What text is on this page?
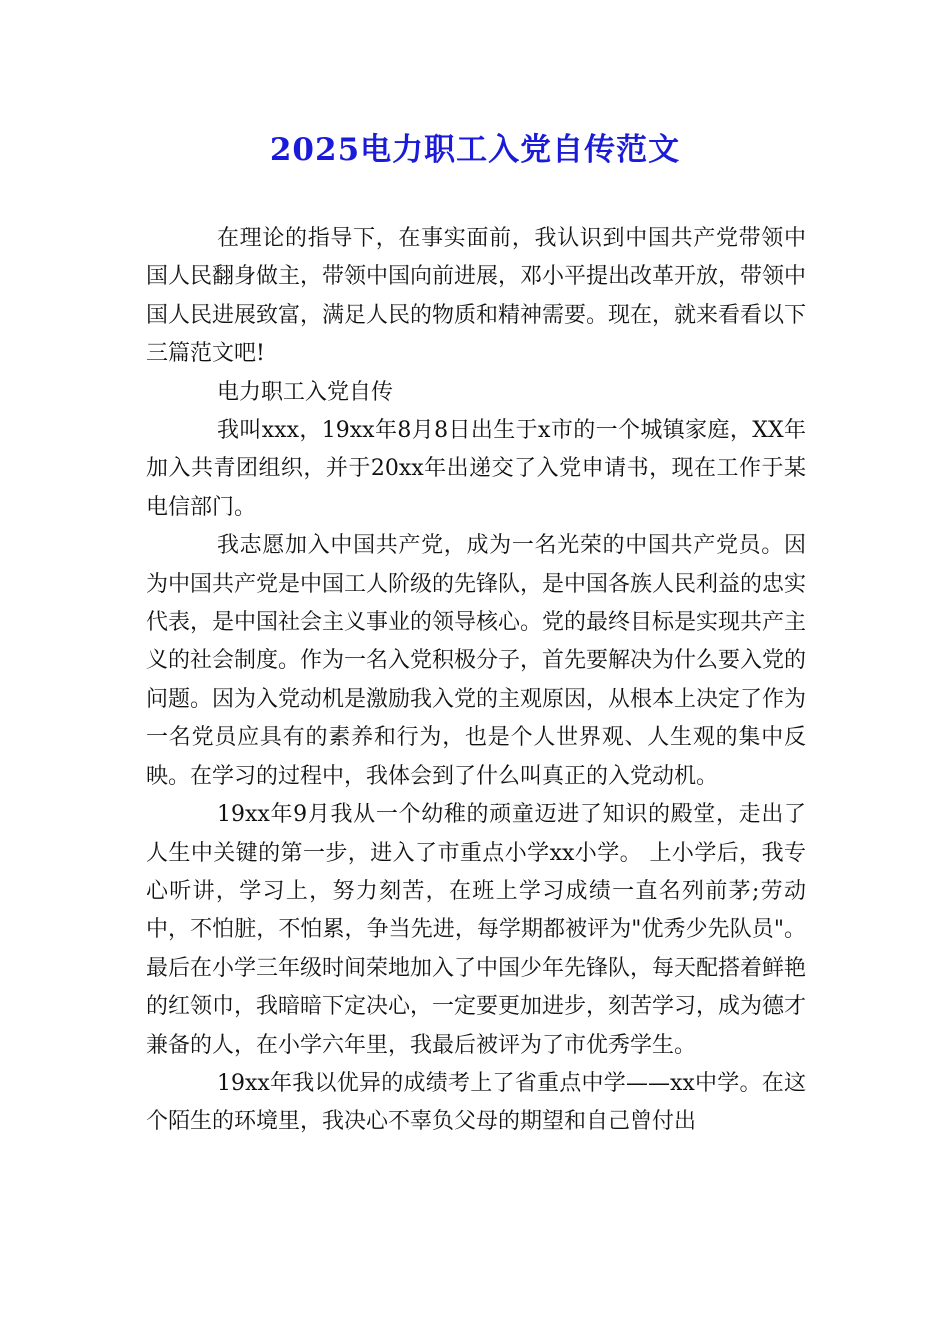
2025电力职工入党自传范文

在理论的指导下，在事实面前，我认识到中国共产党带领中国人民翻身做主，带领中国向前进展，邓小平提出改革开放，带领中国人民进展致富，满足人民的物质和精神需要。现在，就来看看以下三篇范文吧!

电力职工入党自传

我叫xxx，19xx年8月8日出生于x市的一个城镇家庭，XX年加入共青团组织，并于20xx年出递交了入党申请书，现在工作于某电信部门。

我志愿加入中国共产党，成为一名光荣的中国共产党员。因为中国共产党是中国工人阶级的先锋队，是中国各族人民利益的忠实代表，是中国社会主义事业的领导核心。党的最终目标是实现共产主义的社会制度。作为一名入党积极分子，首先要解决为什么要入党的问题。因为入党动机是激励我入党的主观原因，从根本上决定了作为一名党员应具有的素养和行为，也是个人世界观、人生观的集中反映。在学习的过程中，我体会到了什么叫真正的入党动机。

19xx年9月我从一个幼稚的顽童迈进了知识的殿堂，走出了人生中关键的第一步，进入了市重点小学xx小学。 上小学后，我专心听讲，学习上，努力刻苦，在班上学习成绩一直名列前茅;劳动中，不怕脏，不怕累，争当先进，每学期都被评为"优秀少先队员"。最后在小学三年级时间荣地加入了中国少年先锋队，每天配搭着鲜艳的红领巾，我暗暗下定决心，一定要更加进步，刻苦学习，成为德才兼备的人，在小学六年里，我最后被评为了市优秀学生。

19xx年我以优异的成绩考上了省重点中学——xx中学。在这个陌生的环境里，我决心不辜负父母的期望和自己曾付出
